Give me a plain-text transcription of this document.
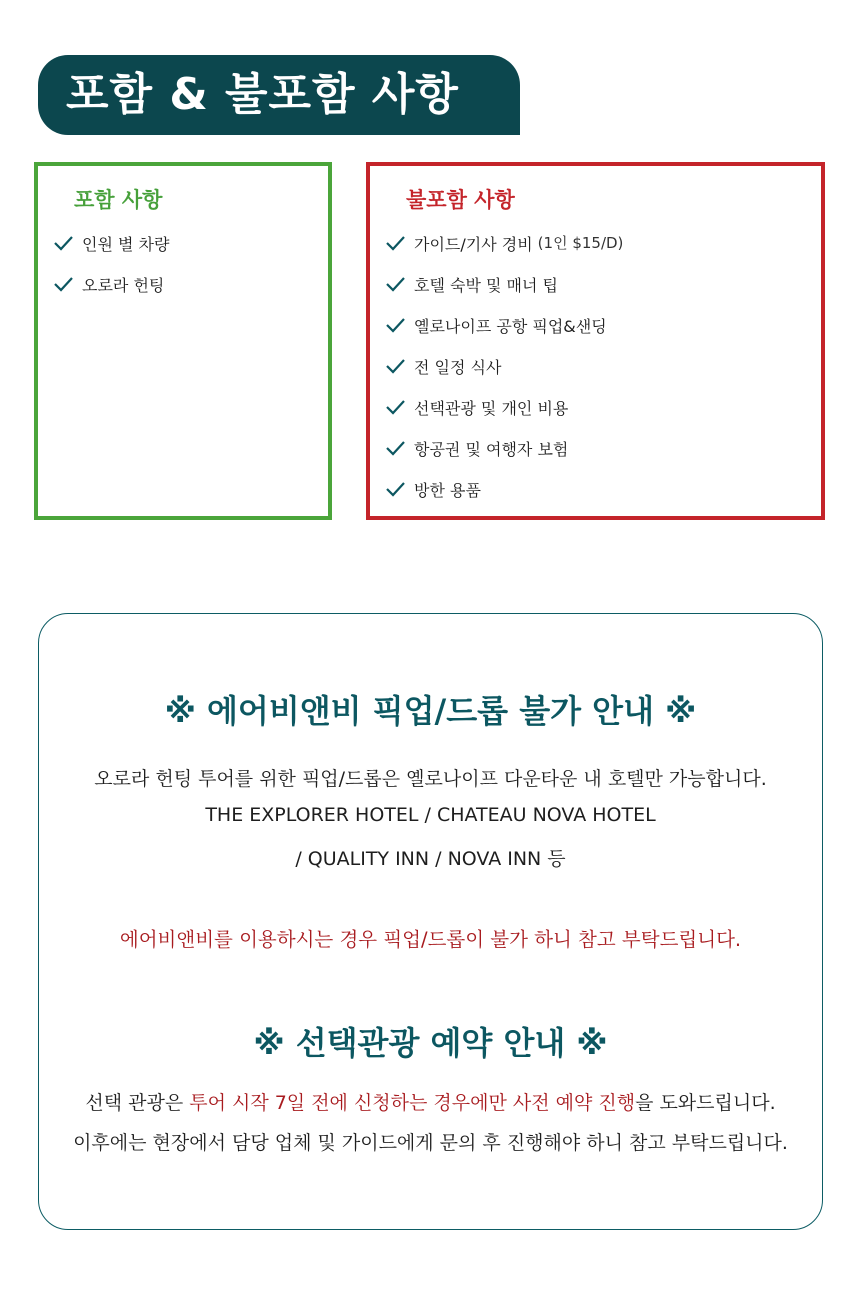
포함 & 불포함 사항
포함 사항
인원 별 차량
오로라 헌팅
불포함 사항
가이드/기사 경비 (1인 $15/D)
호텔 숙박 및 매너 팁
옐로나이프 공항 픽업&샌딩
전 일정 식사
선택관광 및 개인 비용
항공권 및 여행자 보험
방한 용품
※ 에어비앤비 픽업/드롭 불가 안내 ※
오로라 헌팅 투어를 위한 픽업/드롭은 옐로나이프 다운타운 내 호텔만 가능합니다.
THE EXPLORER HOTEL / CHATEAU NOVA HOTEL
/ QUALITY INN / NOVA INN 등
에어비앤비를 이용하시는 경우 픽업/드롭이 불가 하니 참고 부탁드립니다.
※ 선택관광 예약 안내 ※
선택 관광은 투어 시작 7일 전에 신청하는 경우에만 사전 예약 진행을 도와드립니다.
이후에는 현장에서 담당 업체 및 가이드에게 문의 후 진행해야 하니 참고 부탁드립니다.
